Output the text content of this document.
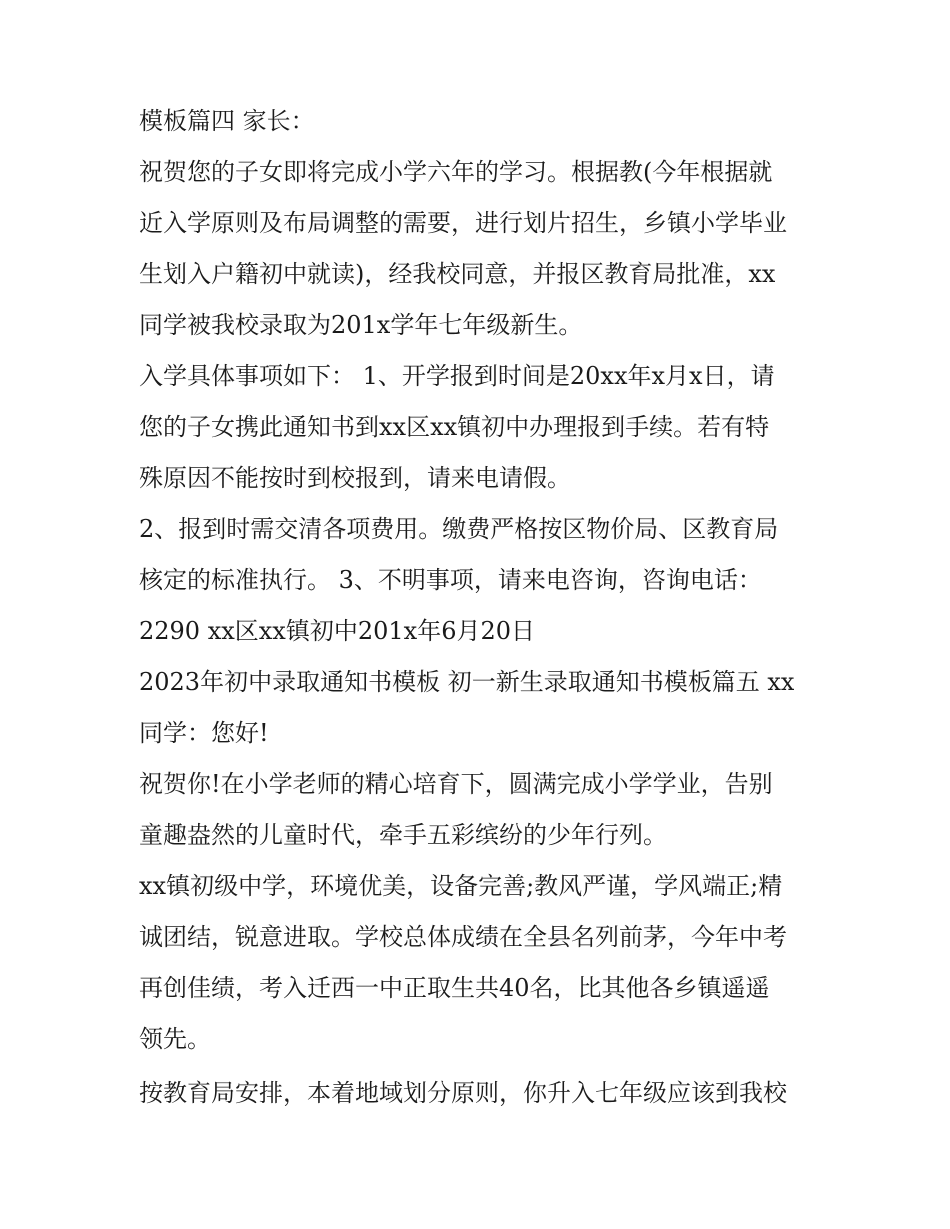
模板篇四 家长：
祝贺您的子女即将完成小学六年的学习。根据教(今年根据就
近入学原则及布局调整的需要，进行划片招生，乡镇小学毕业
生划入户籍初中就读)，经我校同意，并报区教育局批准，xx
同学被我校录取为201x学年七年级新生。
入学具体事项如下： 1、开学报到时间是20xx年x月x日，请
您的子女携此通知书到xx区xx镇初中办理报到手续。若有特
殊原因不能按时到校报到，请来电请假。
2、报到时需交清各项费用。缴费严格按区物价局、区教育局
核定的标准执行。 3、不明事项，请来电咨询，咨询电话：
2290 xx区xx镇初中201x年6月20日
2023年初中录取通知书模板 初一新生录取通知书模板篇五 xx
同学：您好!
祝贺你!在小学老师的精心培育下，圆满完成小学学业，告别
童趣盎然的儿童时代，牵手五彩缤纷的少年行列。
xx镇初级中学，环境优美，设备完善;教风严谨，学风端正;精
诚团结，锐意进取。学校总体成绩在全县名列前茅，今年中考
再创佳绩，考入迁西一中正取生共40名，比其他各乡镇遥遥
领先。
按教育局安排，本着地域划分原则，你升入七年级应该到我校
